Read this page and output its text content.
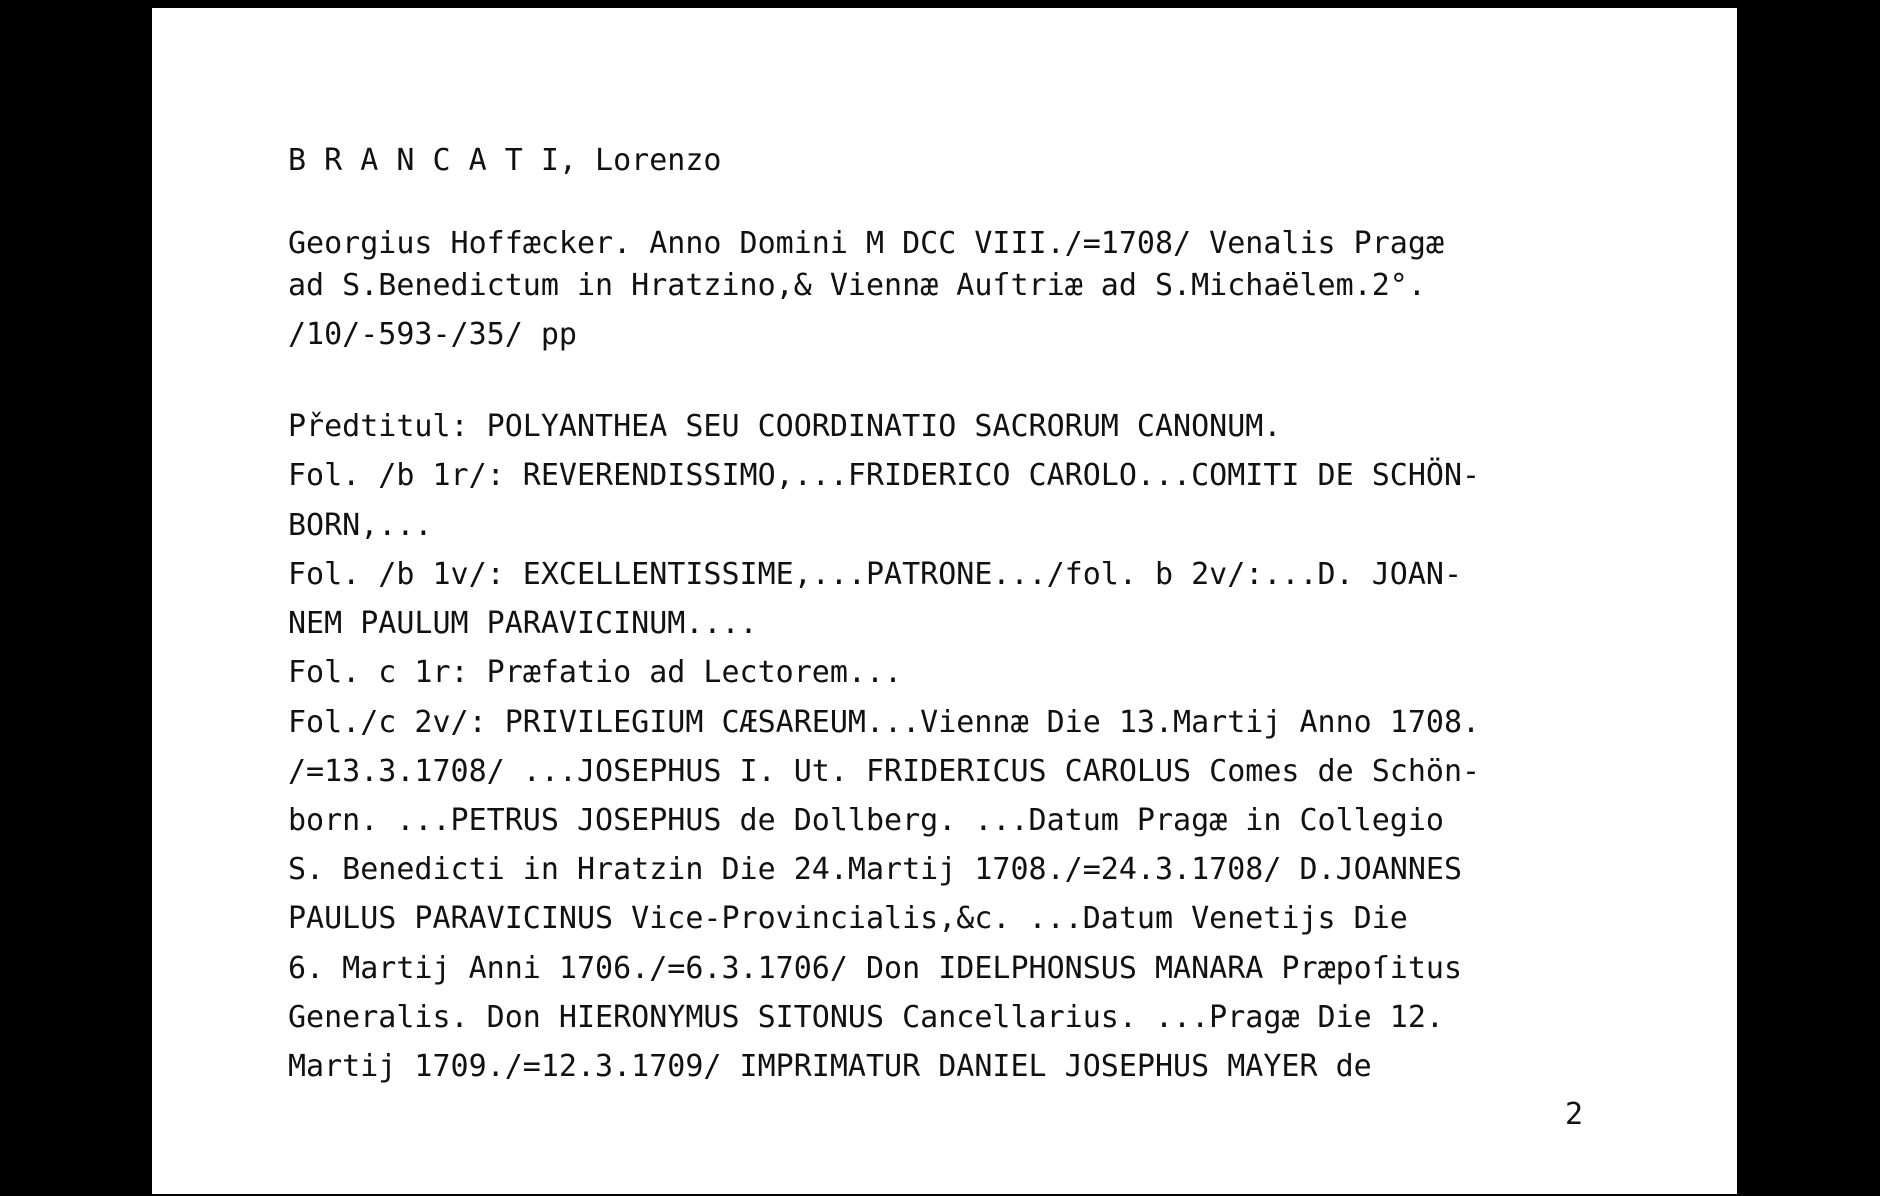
B R A N C A T I, Lorenzo
Georgius Hoffæcker. Anno Domini M DCC VIII./=1708/ Venalis Pragæ
ad S.Benedictum in Hratzino,& Viennæ Auſtriæ ad S.Michaëlem.2°.
/10/-593-/35/ pp
Předtitul: POLYANTHEA SEU COORDINATIO SACRORUM CANONUM.
Fol. /b 1r/: REVERENDISSIMO,...FRIDERICO CAROLO...COMITI DE SCHÖN-
BORN,...
Fol. /b 1v/: EXCELLENTISSIME,...PATRONE.../fol. b 2v/:...D. JOAN-
NEM PAULUM PARAVICINUM....
Fol. c 1r: Præfatio ad Lectorem...
Fol./c 2v/: PRIVILEGIUM CÆSAREUM...Viennæ Die 13.Martij Anno 1708.
/=13.3.1708/ ...JOSEPHUS I. Ut. FRIDERICUS CAROLUS Comes de Schön-
born. ...PETRUS JOSEPHUS de Dollberg. ...Datum Pragæ in Collegio
S. Benedicti in Hratzin Die 24.Martij 1708./=24.3.1708/ D.JOANNES
PAULUS PARAVICINUS Vice-Provincialis,&c. ...Datum Venetijs Die
6. Martij Anni 1706./=6.3.1706/ Don IDELPHONSUS MANARA Præpoſitus
Generalis. Don HIERONYMUS SITONUS Cancellarius. ...Pragæ Die 12.
Martij 1709./=12.3.1709/ IMPRIMATUR DANIEL JOSEPHUS MAYER de
2
